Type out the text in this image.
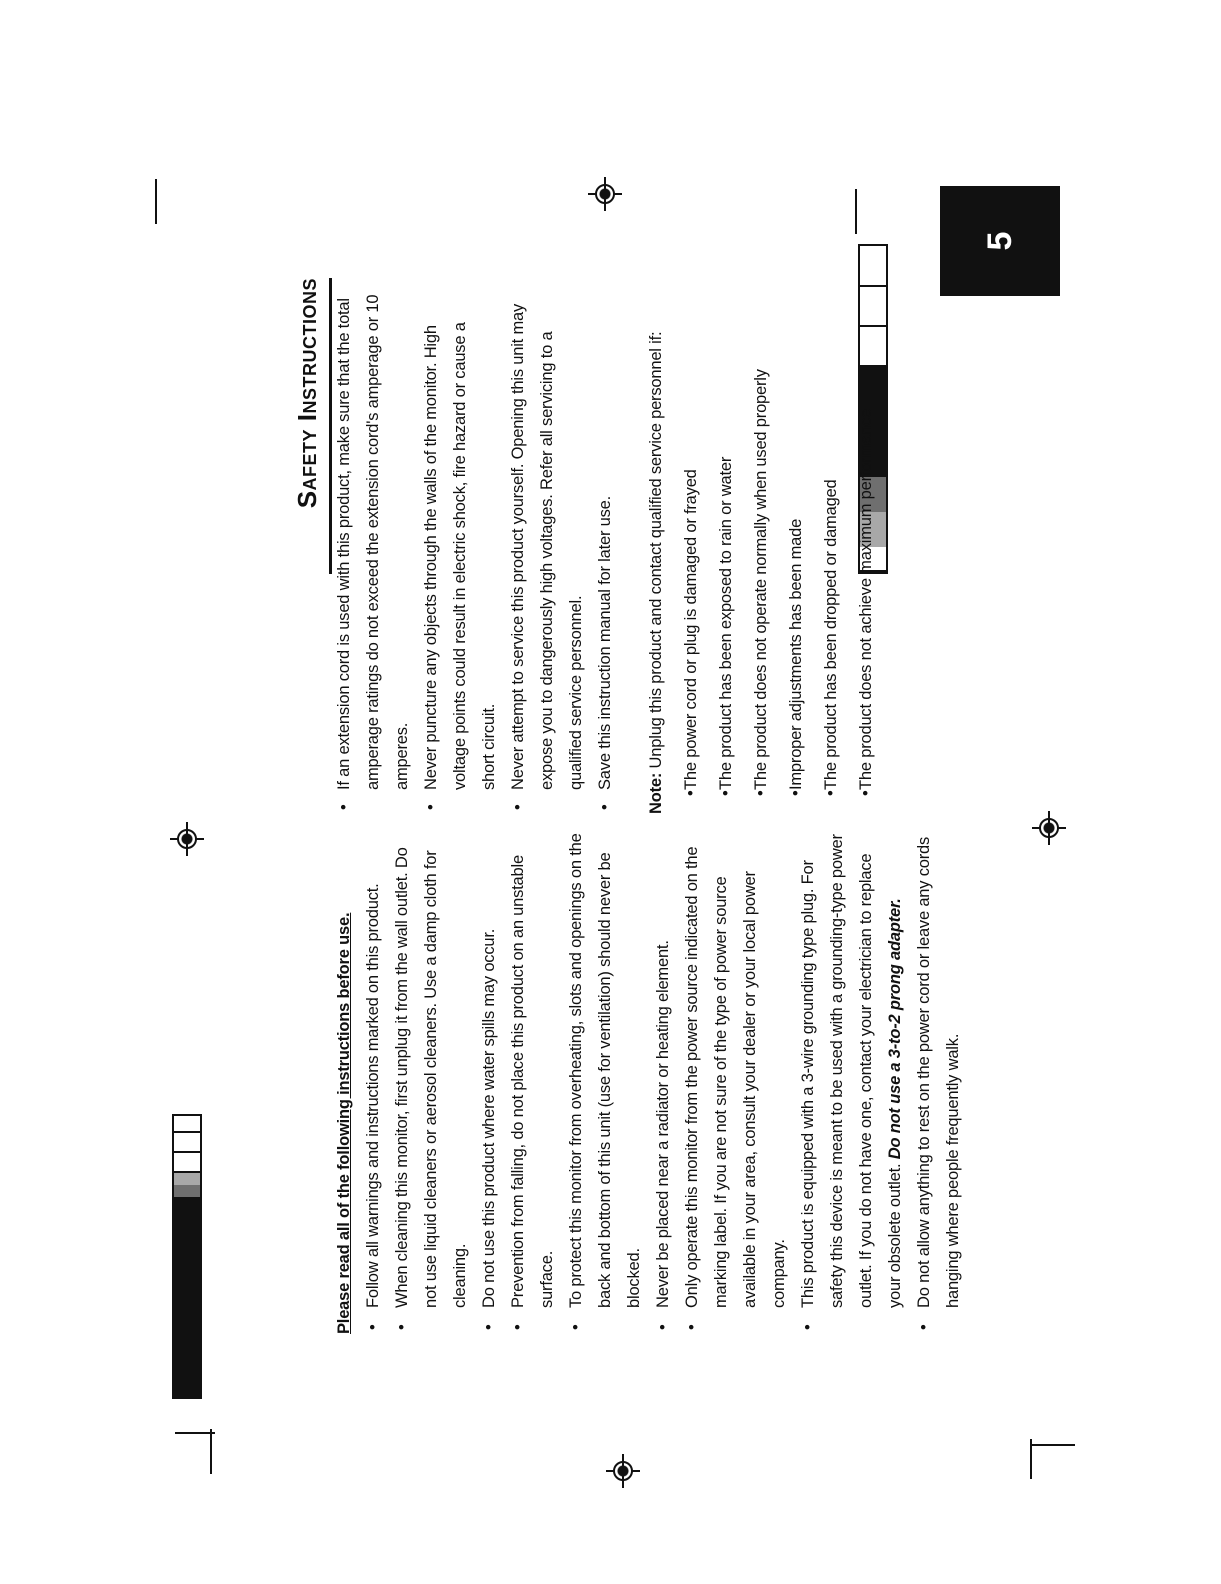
Safety Instructions
Please read all of the following instructions before use. • Follow all warnings and instructions marked on this product. • When cleaning this monitor, first unplug it from the wall outlet. Do not use liquid cleaners or aerosol cleaners. Use a damp cloth for cleaning. • Do not use this product where water spills may occur. • Prevention from falling, do not place this product on an unstable surface. • To protect this monitor from overheating, slots and openings on the back and bottom of this unit (use for ventilation) should never be blocked. • Never be placed near a radiator or heating element. • Only operate this monitor from the power source indicated on the marking label. If you are not sure of the type of power source available in your area, consult your dealer or your local power company. • This product is equipped with a 3-wire grounding type plug. For safety this device is meant to be used with a grounding-type power outlet. If you do not have one, contact your electrician to replace your obsolete outlet. Do not use a 3-to-2 prong adapter. • Do not allow anything to rest on the power cord or leave any cords hanging where people frequently walk.
• If an extension cord is used with this product, make sure that the total amperage ratings do not exceed the extension cord's amperage or 10 amperes. • Never puncture any objects through the walls of the monitor. High voltage points could result in electric shock, fire hazard or cause a short circuit. • Never attempt to service this product yourself. Opening this unit may expose you to dangerously high voltages. Refer all servicing to a qualified service personnel. • Save this instruction manual for later use.
Note: Unplug this product and contact qualified service personnel if:	• The power cord or plug is damaged or frayed	• The product has been exposed to rain or water	• The product does not operate normally when used properly	• Improper adjustments has been made	• The product has been dropped or damaged	• The product does not achieve maximum performance
5
